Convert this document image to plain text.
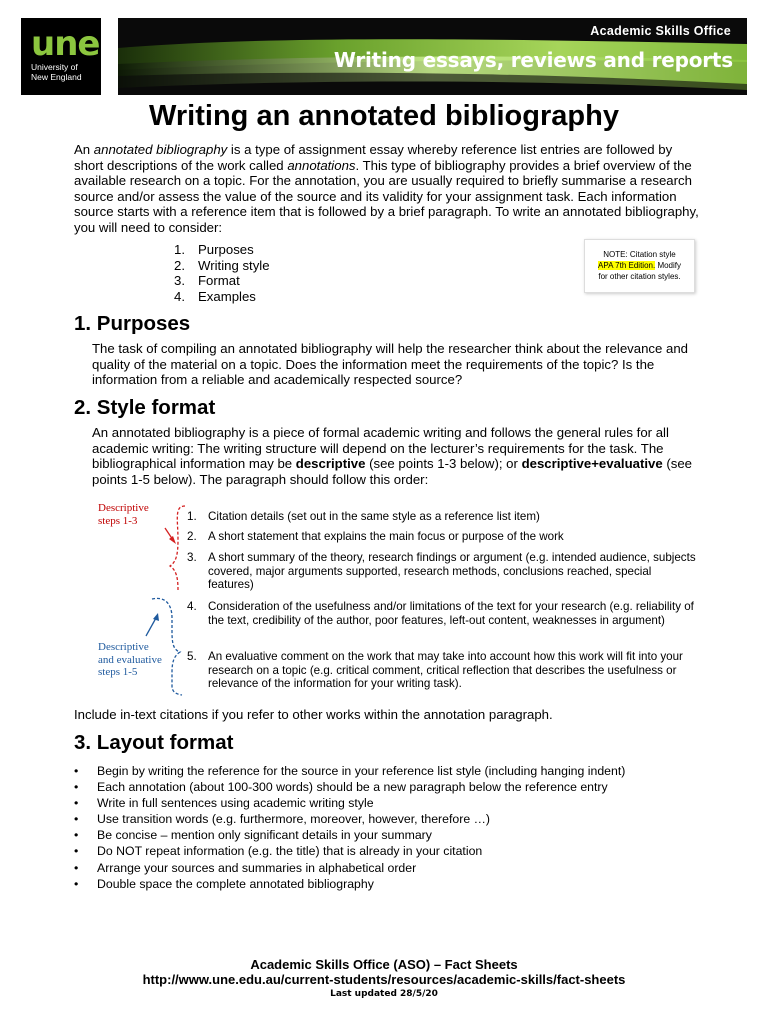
une
University of
New England
Academic Skills Office
Writing essays, reviews and reports
Writing an annotated bibliography

An annotated bibliography is a type of assignment essay whereby reference list entries are followed by short descriptions of the work called annotations. This type of bibliography provides a brief overview of the available research on a topic. For the annotation, you are usually required to briefly summarise a research source and/or assess the value of the source and its validity for your assignment task. Each information source starts with a reference item that is followed by a brief paragraph. To write an annotated bibliography, you will need to consider:

1. Purposes
2. Writing style
3. Format
4. Examples
NOTE: Citation style
APA 7th Edition. Modify
for other citation styles.
1. Purposes

The task of compiling an annotated bibliography will help the researcher think about the relevance and quality of the material on a topic. Does the information meet the requirements of the topic? Is the information from a reliable and academically respected source?

2. Style format

An annotated bibliography is a piece of formal academic writing and follows the general rules for all academic writing: The writing structure will depend on the lecturer’s requirements for the task. The bibliographical information may be descriptive (see points 1-3 below); or descriptive+evaluative (see points 1-5 below). The paragraph should follow this order:

Descriptive
steps 1-3
Descriptive
and evaluative
steps 1-5
1. Citation details (set out in the same style as a reference list item)
2. A short statement that explains the main focus or purpose of the work
3. A short summary of the theory, research findings or argument (e.g. intended audience, subjects covered, major arguments supported, research methods, conclusions reached, special features)
4. Consideration of the usefulness and/or limitations of the text for your research (e.g. reliability of the text, credibility of the author, poor features, left-out content, weaknesses in argument)
5. An evaluative comment on the work that may take into account how this work will fit into your research on a topic (e.g. critical comment, critical reflection that describes the usefulness or relevance of the information for your writing task).

Include in-text citations if you refer to other works within the annotation paragraph.

3. Layout format
•	Begin by writing the reference for the source in your reference list style (including hanging indent)
•	Each annotation (about 100-300 words) should be a new paragraph below the reference entry
•	Write in full sentences using academic writing style
•	Use transition words (e.g. furthermore, moreover, however, therefore …)
•	Be concise – mention only significant details in your summary
•	Do NOT repeat information (e.g. the title) that is already in your citation
•	Arrange your sources and summaries in alphabetical order
•	Double space the complete annotated bibliography
Academic Skills Office (ASO) – Fact Sheets
http://www.une.edu.au/current-students/resources/academic-skills/fact-sheets
Last updated 28/5/20
